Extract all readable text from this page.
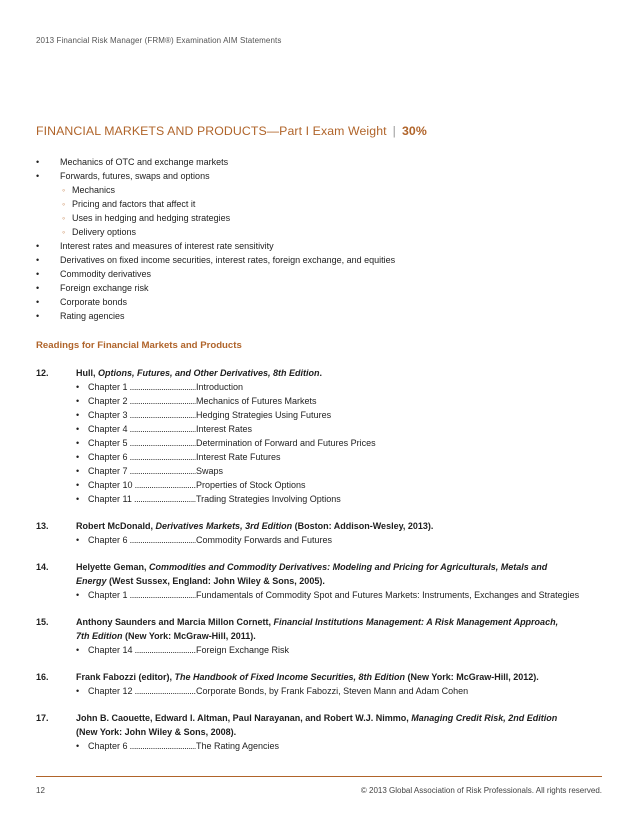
2013 Financial Risk Manager (FRM®) Examination AIM Statements
FINANCIAL MARKETS AND PRODUCTS—Part I Exam Weight | 30%
• Mechanics of OTC and exchange markets
• Forwards, futures, swaps and options
◦ Mechanics
◦ Pricing and factors that affect it
◦ Uses in hedging and hedging strategies
◦ Delivery options
• Interest rates and measures of interest rate sensitivity
• Derivatives on fixed income securities, interest rates, foreign exchange, and equities
• Commodity derivatives
• Foreign exchange risk
• Corporate bonds
• Rating agencies
Readings for Financial Markets and Products
12.	Hull, Options, Futures, and Other Derivatives, 8th Edition.
• Chapter 1 .....	Introduction
• Chapter 2 .....	Mechanics of Futures Markets
• Chapter 3 .....	Hedging Strategies Using Futures
• Chapter 4 .....	Interest Rates
• Chapter 5 .....	Determination of Forward and Futures Prices
• Chapter 6 .....	Interest Rate Futures
• Chapter 7 .....	Swaps
• Chapter 10 .....	Properties of Stock Options
• Chapter 11 .....	Trading Strategies Involving Options
13.	Robert McDonald, Derivatives Markets, 3rd Edition (Boston: Addison-Wesley, 2013).
• Chapter 6 .....	Commodity Forwards and Futures
14.	Helyette Geman, Commodities and Commodity Derivatives: Modeling and Pricing for Agriculturals, Metals and
Energy (West Sussex, England: John Wiley & Sons, 2005).
• Chapter 1 .....	Fundamentals of Commodity Spot and Futures Markets: Instruments, Exchanges and Strategies
15.	Anthony Saunders and Marcia Millon Cornett, Financial Institutions Management: A Risk Management Approach,
7th Edition (New York: McGraw-Hill, 2011).
• Chapter 14 .....	Foreign Exchange Risk
16.	Frank Fabozzi (editor), The Handbook of Fixed Income Securities, 8th Edition (New York: McGraw-Hill, 2012).
• Chapter 12 .....	Corporate Bonds, by Frank Fabozzi, Steven Mann and Adam Cohen
17.	John B. Caouette, Edward I. Altman, Paul Narayanan, and Robert W.J. Nimmo, Managing Credit Risk, 2nd Edition
(New York: John Wiley & Sons, 2008).
• Chapter 6 .....	The Rating Agencies
12	© 2013 Global Association of Risk Professionals. All rights reserved.
